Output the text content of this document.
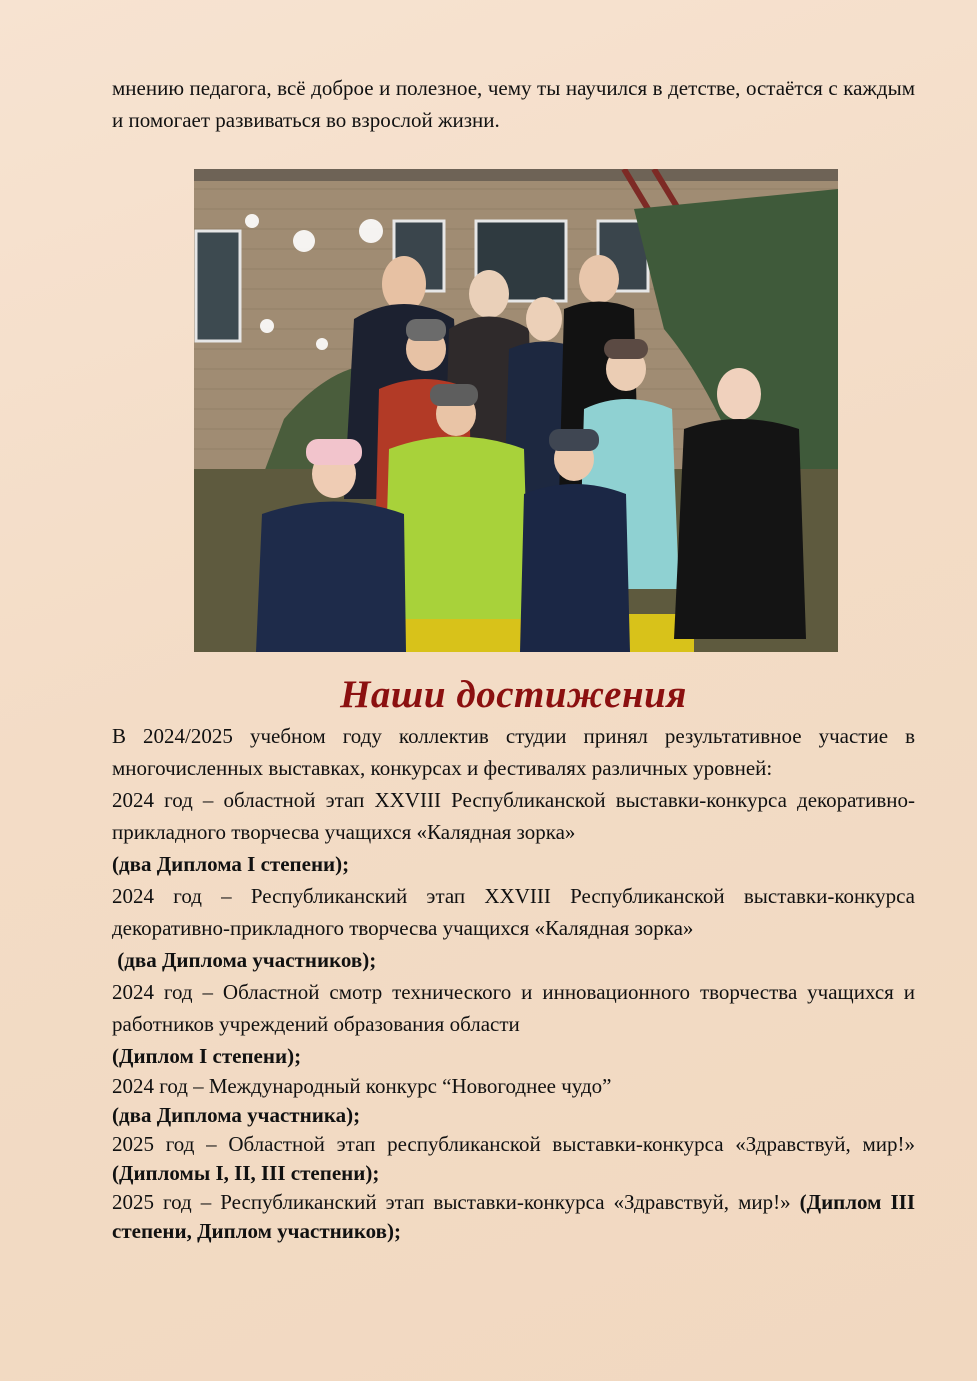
мнению педагога, всё доброе и полезное, чему ты научился в детстве, остаётся с каждым и помогает развиваться во взрослой жизни.

Наши достижения

В 2024/2025 учебном году коллектив студии принял результативное участие в многочисленных выставках, конкурсах и фестивалях различных уровней:

2024 год – областной этап XXVIII Республиканской выставки-конкурса декоративно-прикладного творчесва учащихся «Калядная зорка»

(два Диплома I степени);

2024 год – Республиканский этап XXVIII Республиканской выставки-конкурса декоративно-прикладного творчесва учащихся «Калядная зорка»

(два Диплома участников);

2024 год – Областной смотр технического и инновационного творчества учащихся и работников учреждений образования области

(Диплом I степени);

2024 год – Международный конкурс “Новогоднее чудо”

(два Диплома участника);

2025 год – Областной этап республиканской выставки-конкурса «Здравствуй, мир!» (Дипломы I, II, III степени);

2025 год – Республиканский этап выставки-конкурса «Здравствуй, мир!» (Диплом III степени, Диплом участников);
